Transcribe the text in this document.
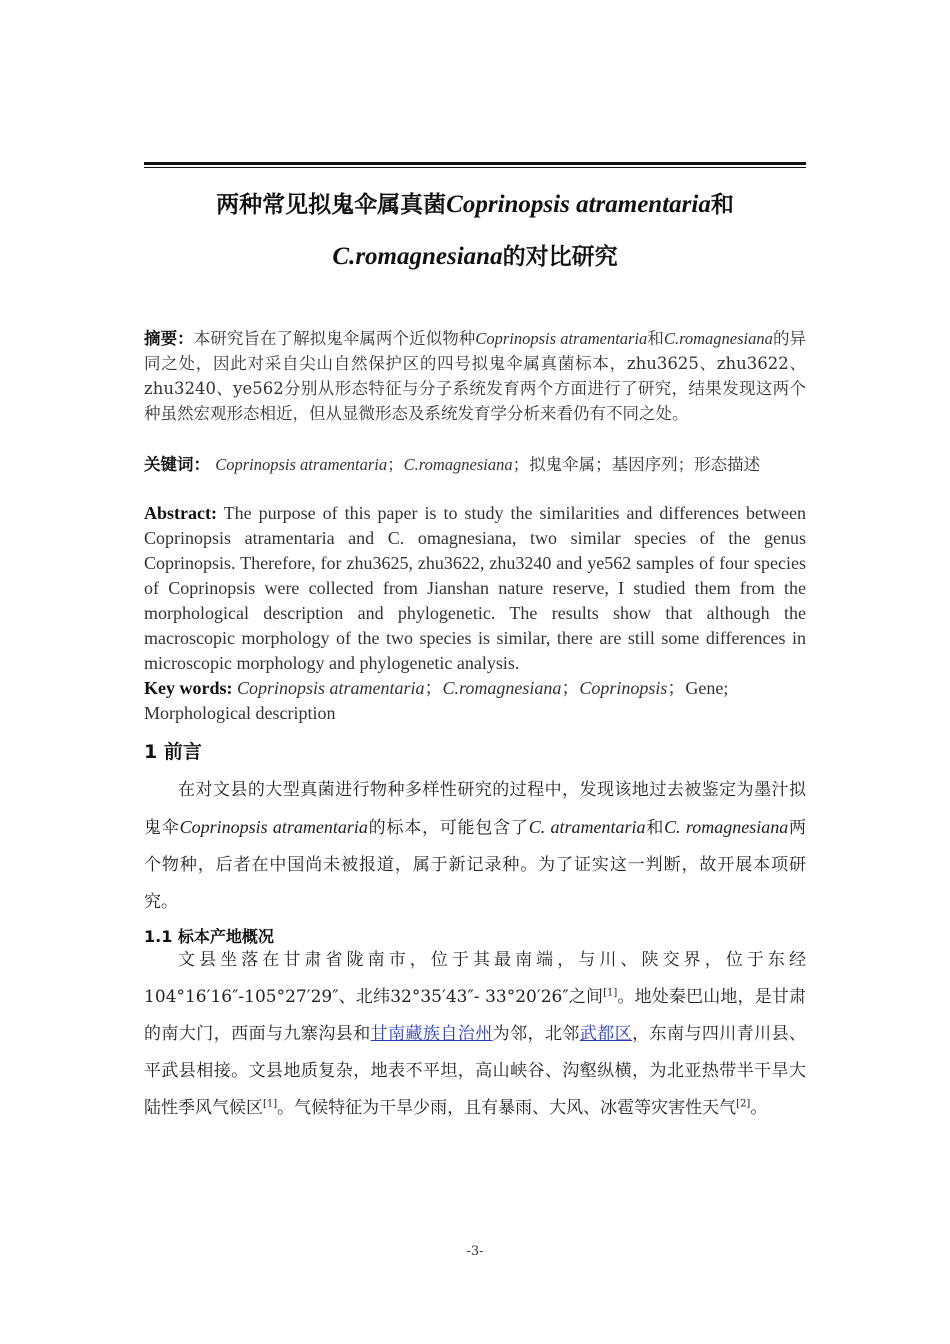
两种常见拟鬼伞属真菌Coprinopsis atramentaria和
C.romagnesiana的对比研究
摘要：本研究旨在了解拟鬼伞属两个近似物种Coprinopsis atramentaria和C.romagnesiana的异同之处，因此对采自尖山自然保护区的四号拟鬼伞属真菌标本，zhu3625、zhu3622、zhu3240、ye562分别从形态特征与分子系统发育两个方面进行了研究，结果发现这两个种虽然宏观形态相近，但从显微形态及系统发育学分析来看仍有不同之处。
关键词： Coprinopsis atramentaria；C.romagnesiana；拟鬼伞属；基因序列；形态描述
Abstract: The purpose of this paper is to study the similarities and differences between Coprinopsis atramentaria and C. omagnesiana, two similar species of the genus Coprinopsis. Therefore, for zhu3625, zhu3622, zhu3240 and ye562 samples of four species of Coprinopsis were collected from Jianshan nature reserve, I studied them from the morphological description and phylogenetic. The results show that although the macroscopic morphology of the two species is similar, there are still some differences in microscopic morphology and phylogenetic analysis.
Key words: Coprinopsis atramentaria；C.romagnesiana；Coprinopsis；Gene; Morphological description
1 前言
在对文县的大型真菌进行物种多样性研究的过程中，发现该地过去被鉴定为墨汁拟鬼伞Coprinopsis atramentaria的标本，可能包含了C. atramentaria和C. romagnesiana两个物种，后者在中国尚未被报道，属于新记录种。为了证实这一判断，故开展本项研究。
1.1 标本产地概况
文县坐落在甘肃省陇南市，位于其最南端，与川、陕交界，位于东经104°16′16″-105°27′29″、北纬32°35′43″- 33°20′26″之间[1]。地处秦巴山地，是甘肃的南大门，西面与九寨沟县和甘南藏族自治州为邻，北邻武都区，东南与四川青川县、平武县相接。文县地质复杂，地表不平坦，高山峡谷、沟壑纵横，为北亚热带半干旱大陆性季风气候区[1]。气候特征为干旱少雨，且有暴雨、大风、冰雹等灾害性天气[2]。
-3-
